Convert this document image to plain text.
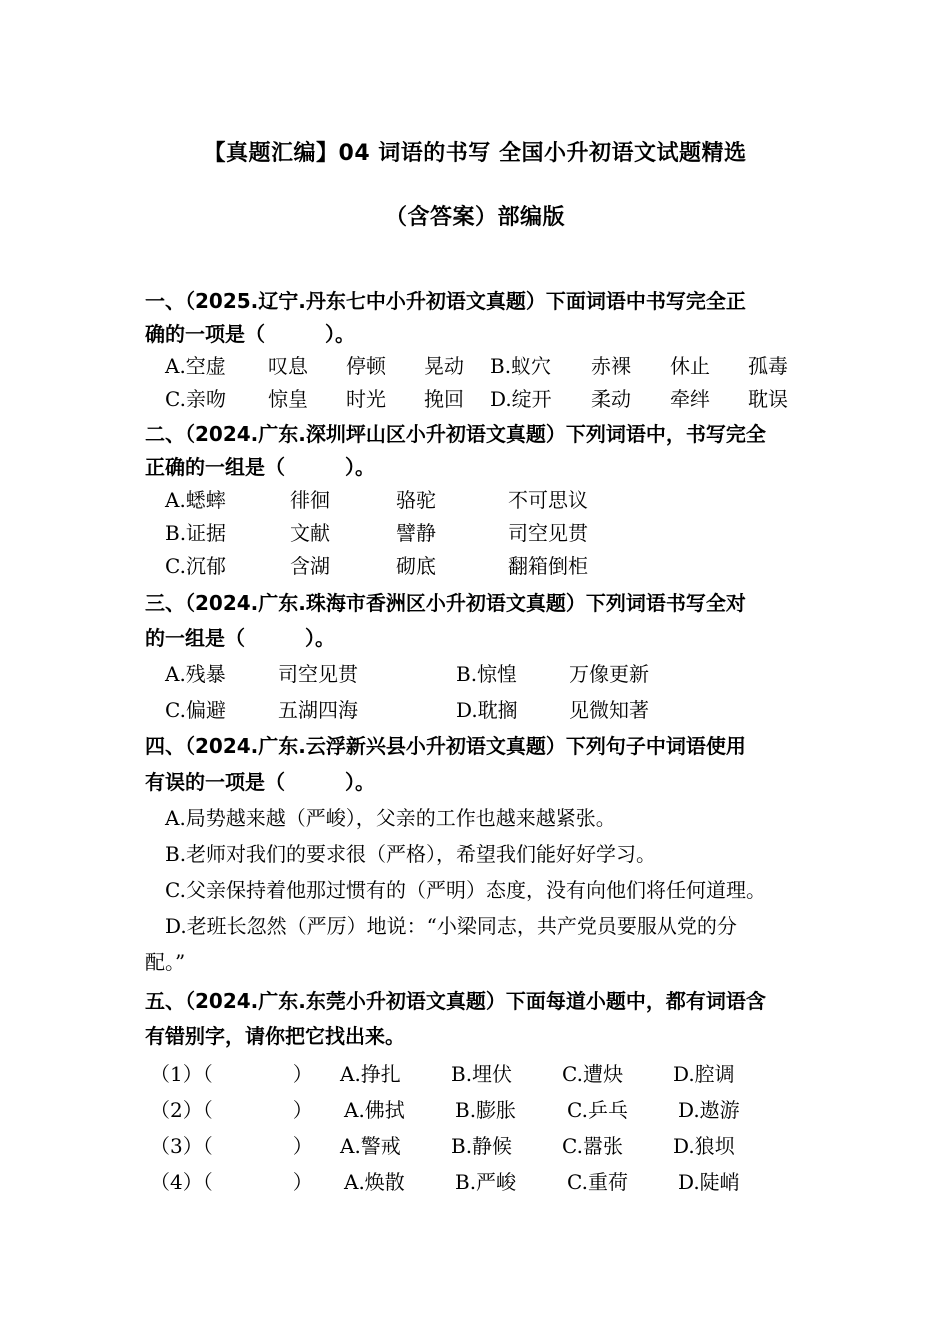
【真题汇编】04 词语的书写 全国小升初语文试题精选
（含答案）部编版
一、（2025.辽宁.丹东七中小升初语文真题）下面词语中书写完全正
确的一项是（　　　）。
A.空虚 叹息 停顿 晃动 B.蚁穴 赤裸 休止 孤毒
C.亲吻 惊皇 时光 挽回 D.绽开 柔动 牵绊 耽误
二、（2024.广东.深圳坪山区小升初语文真题）下列词语中，书写完全
正确的一组是（　　　）。
A.蟋蟀	徘徊	骆驼	不可思议
B.证据	文献	譬静	司空见贯
C.沉郁	含湖	砌底	翻箱倒柜
三、（2024.广东.珠海市香洲区小升初语文真题）下列词语书写全对
的一组是（　　　）。
A.残暴	司空见贯	B.惊惶	万像更新
C.偏避	五湖四海	D.耽搁	见微知著
四、（2024.广东.云浮新兴县小升初语文真题）下列句子中词语使用
有误的一项是（　　　）。
A.局势越来越（严峻），父亲的工作也越来越紧张。
B.老师对我们的要求很（严格），希望我们能好好学习。
C.父亲保持着他那过惯有的（严明）态度，没有向他们将任何道理。
D.老班长忽然（严厉）地说：“小梁同志，共产党员要服从党的分
配。”
五、（2024.广东.东莞小升初语文真题）下面每道小题中，都有词语含
有错别字，请你把它找出来。
（1）（　　　　） A.挣扎	B.埋伏 C.遭炔	D.腔调
（2）（　　　　） A.佛拭	B.膨胀	C.乒乓	D.遨游
（3）（　　　　） A.警戒	B.静候 C.嚣张	D.狼坝
（4）（　　　　） A.焕散	B.严峻	C.重荷	D.陡峭
